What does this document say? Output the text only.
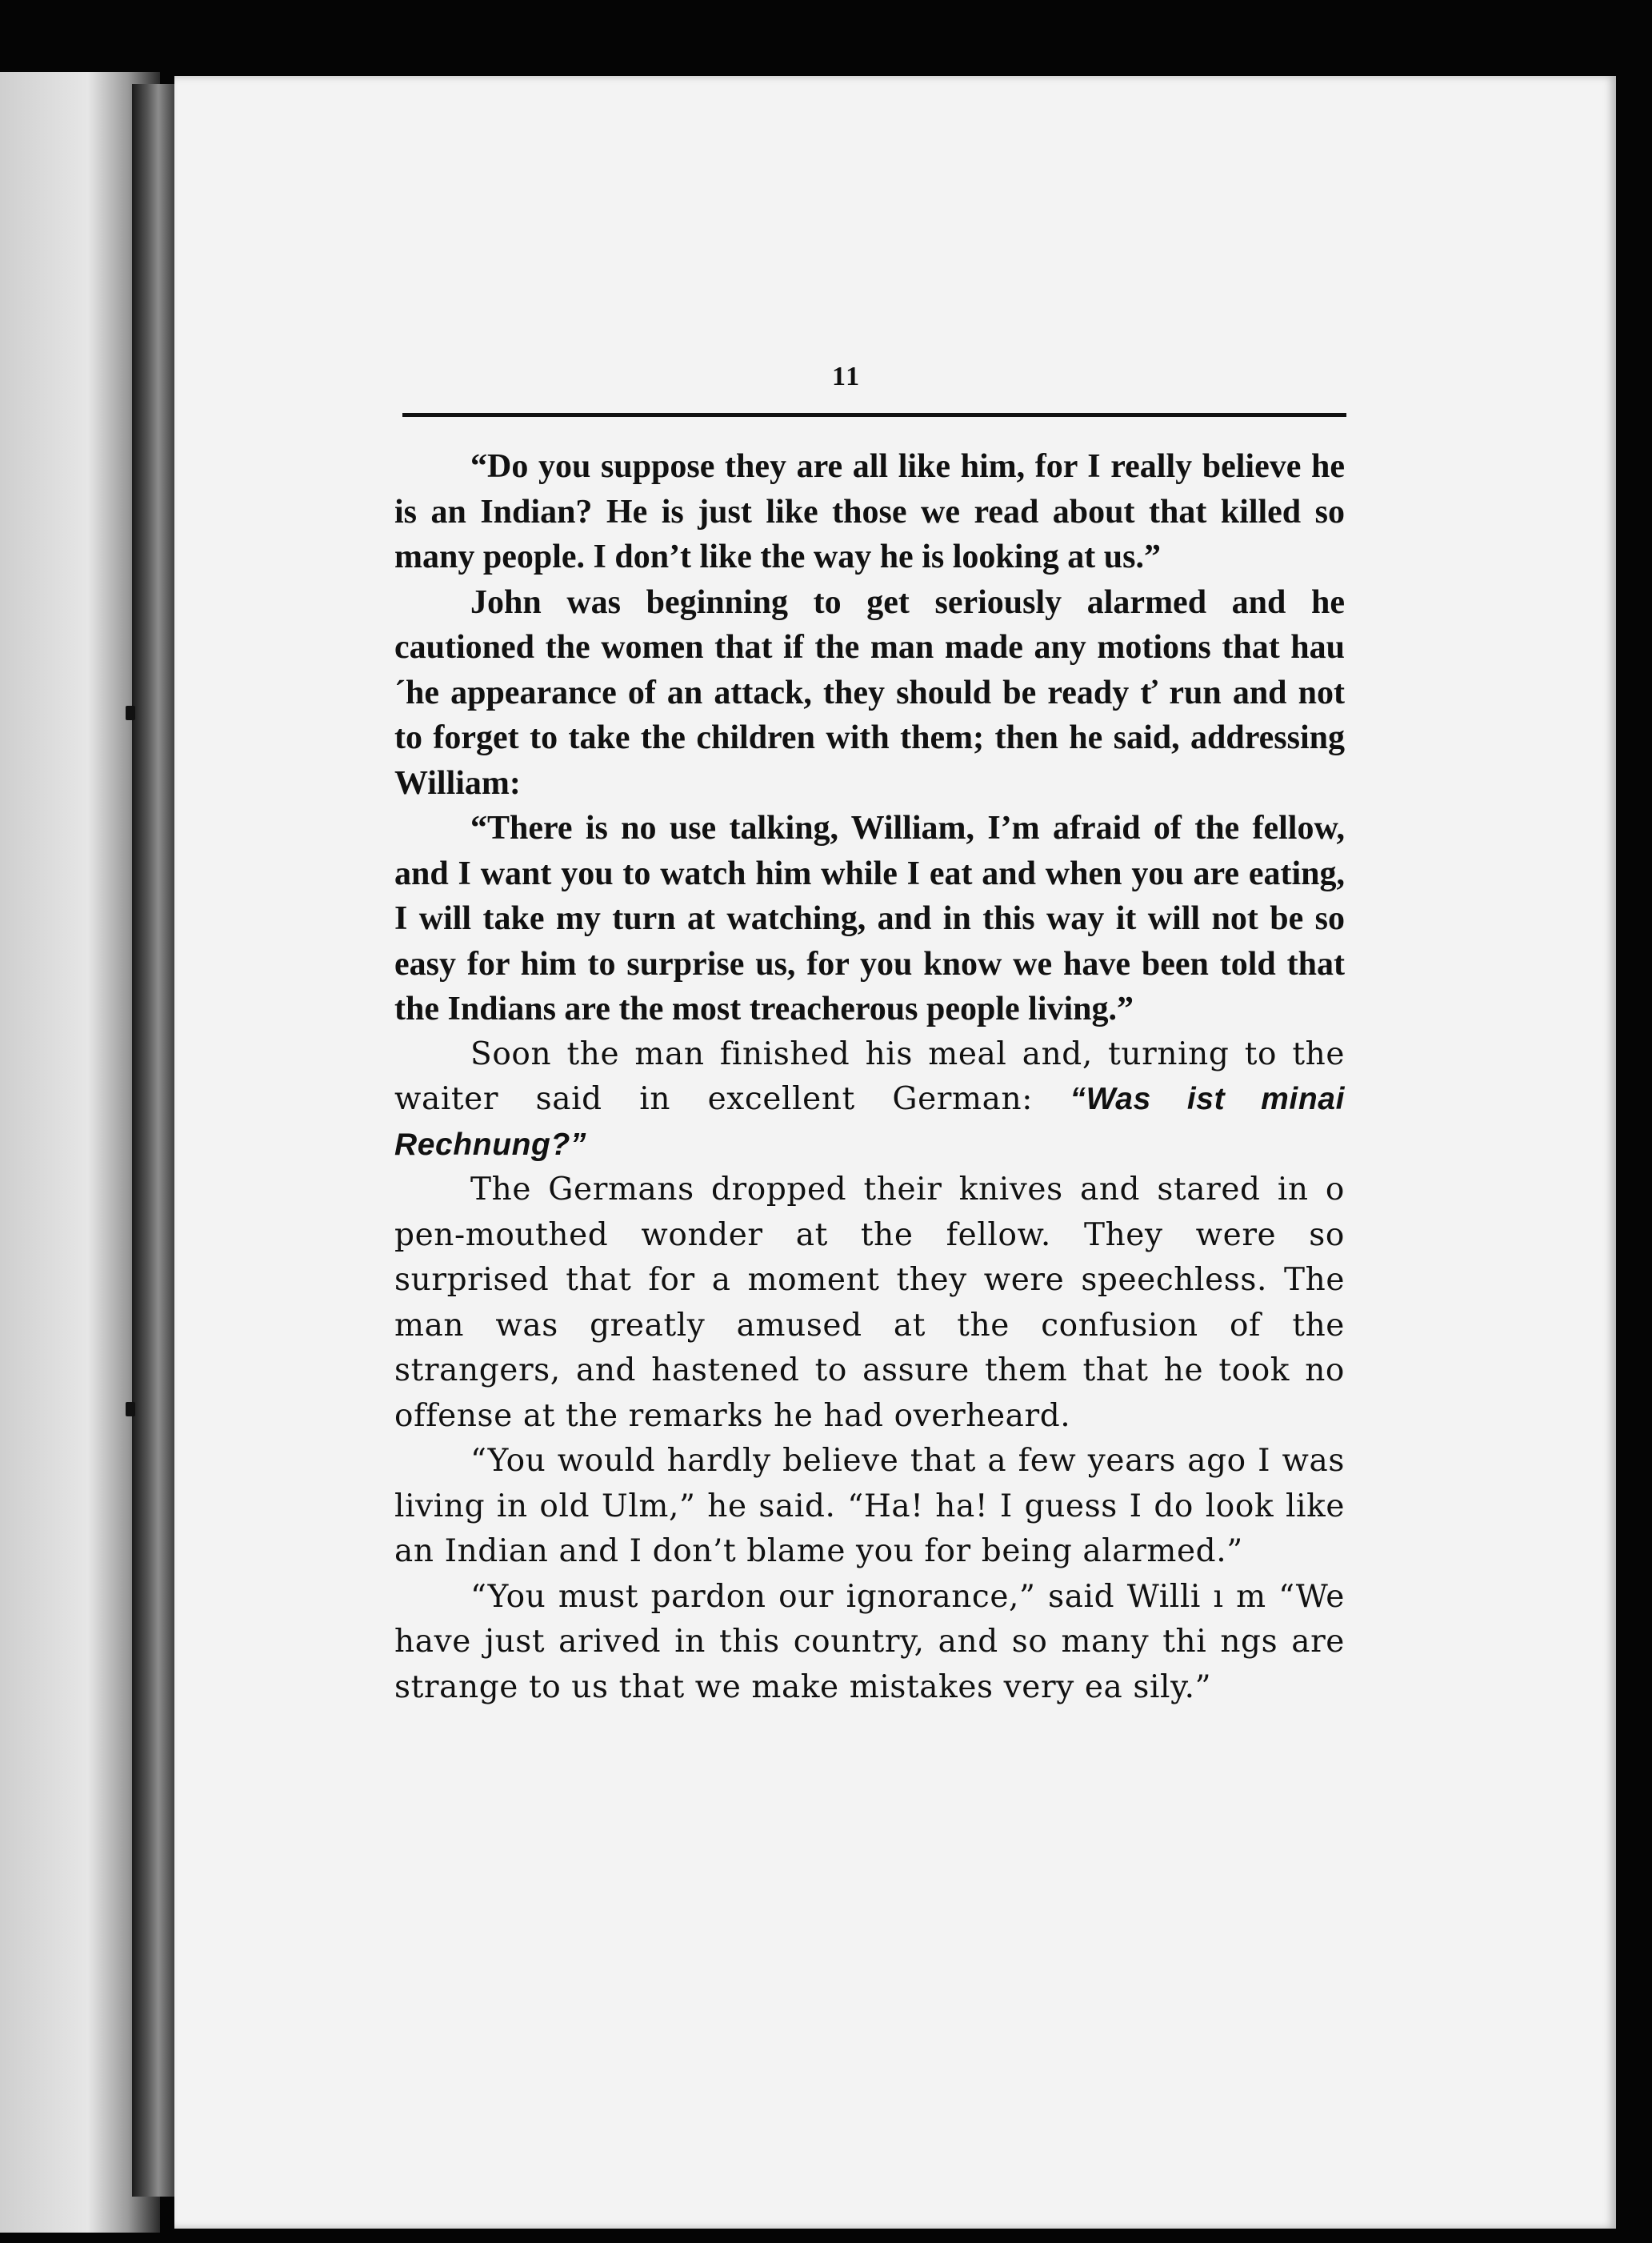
11

“Do you suppose they are all like him, for I really believe he is an Indian? He is just like those we read about that killed so many people. I don’t like the way he is looking at us.”

John was beginning to get seriously alarmed and he cautioned the women that if the man made any motions that hau ´he appearance of an attack, they should be ready ť run and not to forget to take the children with them; then he said, addressing William:

“There is no use talking, William, I’m afraid of the fellow, and I want you to watch him while I eat and when you are eating, I will take my turn at watching, and in this way it will not be so easy for him to surprise us, for you know we have been told that the Indians are the most treacherous people living.”

Soon the man finished his meal and, turning to the waiter said in excellent German: “Was ist minai Rechnung?”

The Germans dropped their knives and stared in o pen-mouthed wonder at the fellow. They were so surprised that for a moment they were speechless. The man was greatly amused at the confusion of the strangers, and hastened to assure them that he took no offense at the remarks he had overheard.

“You would hardly believe that a few years ago I was living in old Ulm,” he said. “Ha! ha! I guess I do look like an Indian and I don’t blame you for being alarmed.”

“You must pardon our ignorance,” said Willi ı m “We have just arived in this country, and so many thi ngs are strange to us that we make mistakes very ea sily.”
